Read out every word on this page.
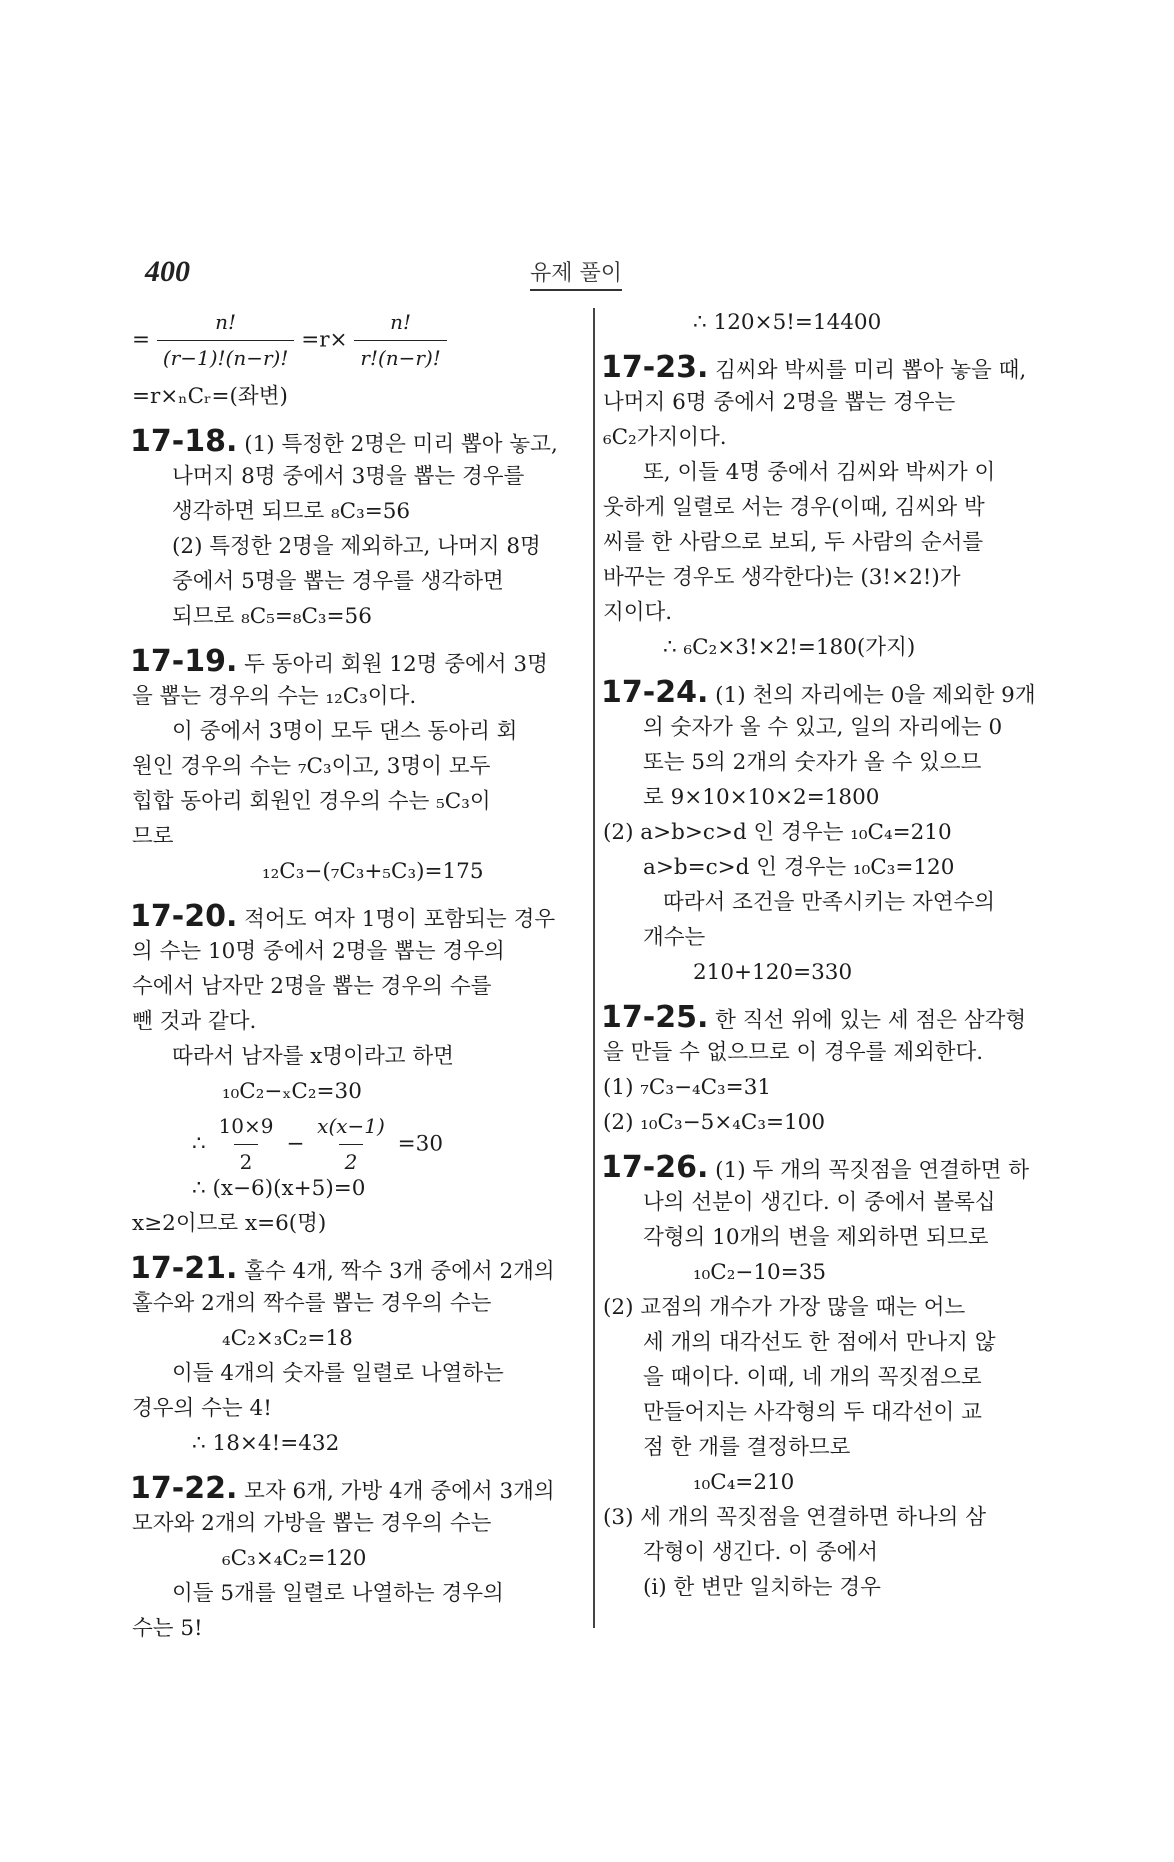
400	유제 풀이
= $\frac{n!}{(r-1)!(n-r)!} =r\times \frac{n!}{r!(n-r)!}$
=r×ₙCᵣ=(좌변)
17-18. (1) 특정한 2명은 미리 뽑아 놓고,
나머지 8명 중에서 3명을 뽑는 경우를
생각하면 되므로 ₈C₃=56
(2) 특정한 2명을 제외하고, 나머지 8명
중에서 5명을 뽑는 경우를 생각하면
되므로 ₈C₅=₈C₃=56
17-19. 두 동아리 회원 12명 중에서 3명
을 뽑는 경우의 수는 ₁₂C₃이다.
이 중에서 3명이 모두 댄스 동아리 회
원인 경우의 수는 ₇C₃이고, 3명이 모두
힙합 동아리 회원인 경우의 수는 ₅C₃이
므로
₁₂C₃−(₇C₃+₅C₃)=175
17-20. 적어도 여자 1명이 포함되는 경우
의 수는 10명 중에서 2명을 뽑는 경우의
수에서 남자만 2명을 뽑는 경우의 수를
뺀 것과 같다.
따라서 남자를 x명이라고 하면
₁₀C₂−ₓC₂=30
∴ $\frac{10\times 9}{2} - \frac{x(x-1)}{2} =30$
∴ (x−6)(x+5)=0
x≥2이므로 x=6(명)
17-21. 홀수 4개, 짝수 3개 중에서 2개의
홀수와 2개의 짝수를 뽑는 경우의 수는
₄C₂×₃C₂=18
이들 4개의 숫자를 일렬로 나열하는
경우의 수는 4!
∴ 18×4!=432
17-22. 모자 6개, 가방 4개 중에서 3개의
모자와 2개의 가방을 뽑는 경우의 수는
₆C₃×₄C₂=120
이들 5개를 일렬로 나열하는 경우의
수는 5!
∴ 120×5!=14400
17-23. 김씨와 박씨를 미리 뽑아 놓을 때,
나머지 6명 중에서 2명을 뽑는 경우는
₆C₂가지이다.
또, 이들 4명 중에서 김씨와 박씨가 이
웃하게 일렬로 서는 경우(이때, 김씨와 박
씨를 한 사람으로 보되, 두 사람의 순서를
바꾸는 경우도 생각한다)는 (3!×2!)가
지이다.
∴ ₆C₂×3!×2!=180(가지)
17-24. (1) 천의 자리에는 0을 제외한 9개
의 숫자가 올 수 있고, 일의 자리에는 0
또는 5의 2개의 숫자가 올 수 있으므
로 9×10×10×2=1800
(2) a>b>c>d 인 경우는 ₁₀C₄=210
a>b=c>d 인 경우는 ₁₀C₃=120
따라서 조건을 만족시키는 자연수의
개수는
210+120=330
17-25. 한 직선 위에 있는 세 점은 삼각형
을 만들 수 없으므로 이 경우를 제외한다.
(1) ₇C₃−₄C₃=31
(2) ₁₀C₃−5×₄C₃=100
17-26. (1) 두 개의 꼭짓점을 연결하면 하
나의 선분이 생긴다. 이 중에서 볼록십
각형의 10개의 변을 제외하면 되므로
₁₀C₂−10=35
(2) 교점의 개수가 가장 많을 때는 어느
세 개의 대각선도 한 점에서 만나지 않
을 때이다. 이때, 네 개의 꼭짓점으로
만들어지는 사각형의 두 대각선이 교
점 한 개를 결정하므로
₁₀C₄=210
(3) 세 개의 꼭짓점을 연결하면 하나의 삼
각형이 생긴다. 이 중에서
(i) 한 변만 일치하는 경우
